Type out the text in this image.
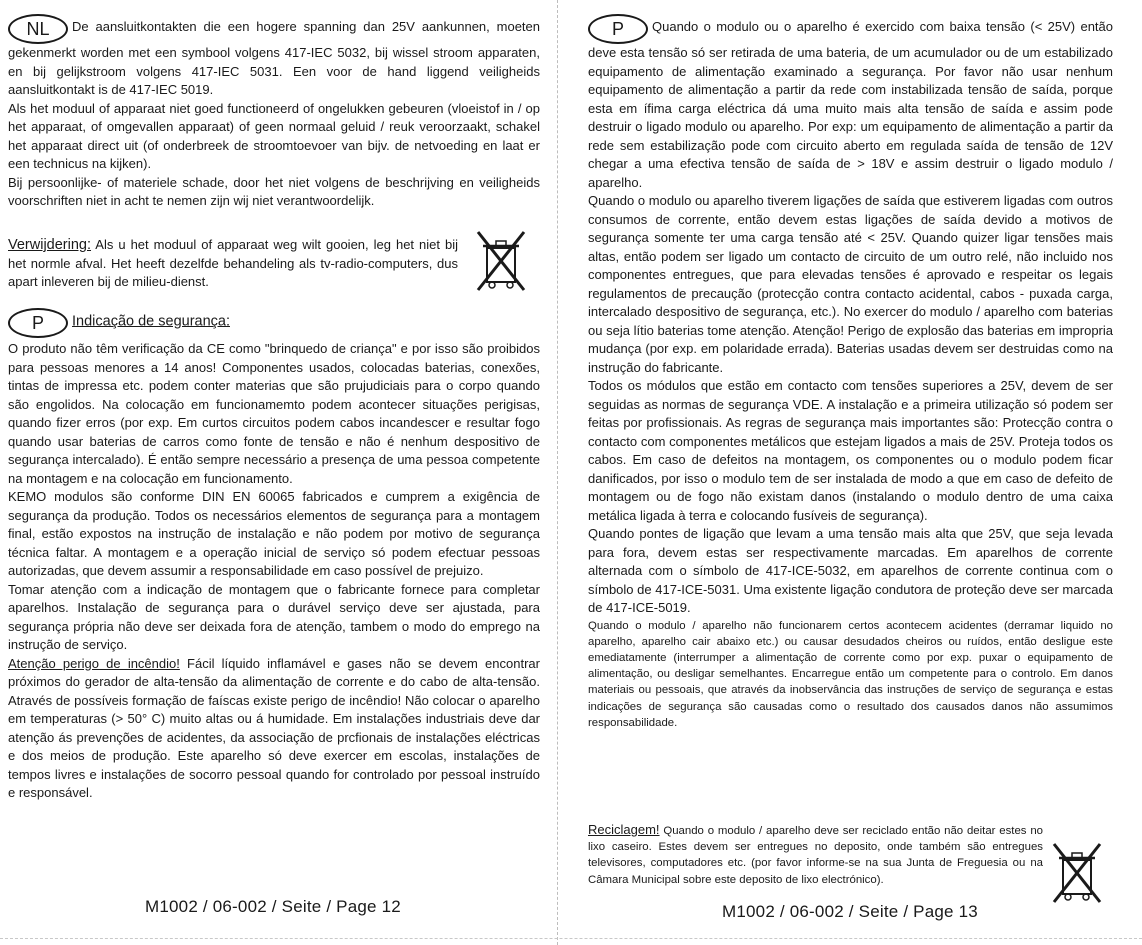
NL De aansluitkontakten die een hogere spanning dan 25V aankunnen, moeten gekenmerkt worden met een symbool volgens 417-IEC 5032, bij wissel stroom apparaten, en bij gelijkstroom volgens 417-IEC 5031. Een voor de hand liggend veiligheids aansluitkontakt is de 417-IEC 5019.

Als het moduul of apparaat niet goed functioneerd of ongelukken gebeuren (vloeistof in / op het apparaat, of omgevallen apparaat) of geen normaal geluid / reuk veroorzaakt, schakel het apparaat direct uit (of onderbreek de stroomtoevoer van bijv. de netvoeding en laat er een technicus na kijken).

Bij persoonlijke- of materiele schade, door het niet volgens de beschrijving en veiligheids voorschriften niet in acht te nemen zijn wij niet verantwoordelijk.

Verwijdering: Als u het moduul of apparaat weg wilt gooien, leg het niet bij het normle afval. Het heeft dezelfde behandeling als tv-radio-computers, dus apart inleveren bij de milieu-dienst.

P Indicação de segurança:

O produto não têm verificação da CE como "brinquedo de criança" e por isso são proibidos para pessoas menores a 14 anos! Componentes usados, colocadas baterias, conexões, tintas de impressa etc. podem conter materias que são prujudiciais para o corpo quando são engolidos. Na colocação em funcionamemto podem acontecer situações perigisas, quando fizer erros (por exp. Em curtos circuitos podem cabos incandescer e resultar fogo quando usar baterias de carros como fonte de tensão e não é nenhum despositivo de segurança intercalado). É então sempre necessário a presença de uma pessoa competente na montagem e na colocação em funcionamento.

KEMO modulos são conforme DIN EN 60065 fabricados e cumprem a exigência de segurança da produção. Todos os necessários elementos de segurança para a montagem final, estão expostos na instrução de instalação e não podem por motivo de segurança técnica faltar. A montagem e a operação inicial de serviço só podem efectuar pessoas autorizadas, que devem assumir a responsabilidade em caso possível de prejuizo.

Tomar atenção com a indicação de montagem que o fabricante fornece para completar aparelhos. Instalação de segurança para o durável serviço deve ser ajustada, para segurança própria não deve ser deixada fora de atenção, tambem o modo do emprego na instrução de serviço.

Atenção perigo de incêndio! Fácil líquido inflamável e gases não se devem encontrar próximos do gerador de alta-tensão da alimentação de corrente e do cabo de alta-tensão. Através de possíveis formação de faíscas existe perigo de incêndio! Não colocar o aparelho em temperaturas (> 50° C) muito altas ou á humidade. Em instalações industriais deve dar atenção ás prevenções de acidentes, da associação de prcfionais de instalações eléctricas e dos meios de produção. Este aparelho só deve exercer em escolas, instalações de tempos livres e instalações de socorro pessoal quando for controlado por pessoal instruído e responsável.

M1002 / 06-002 / Seite / Page 12

P Quando o modulo ou o aparelho é exercido com baixa tensão (< 25V) então deve esta tensão só ser retirada de uma bateria, de um acumulador ou de um estabilizado equipamento de alimentação examinado a segurança. Por favor não usar nenhum equipamento de alimentação a partir da rede com instabilizada tensão de saída, porque esta em ífima carga eléctrica dá uma muito mais alta tensão de saída e assim pode destruir o ligado modulo ou aparelho. Por exp: um equipamento de alimentação a partir da rede sem estabilização pode com circuito aberto em regulada saída de tensão de 12V chegar a uma efectiva tensão de saída de > 18V e assim destruir o ligado modulo / aparelho.

Quando o modulo ou aparelho tiverem ligações de saída que estiverem ligadas com outros consumos de corrente, então devem estas ligações de saída devido a motivos de segurança somente ter uma carga tensão até < 25V. Quando quizer ligar tensões mais altas, então podem ser ligado um contacto de circuito de um outro relé, não incluido nos componentes entregues, que para elevadas tensões é aprovado e respeitar os legais regulamentos de precaução (protecção contra contacto acidental, cabos - puxada carga, intercalado despositivo de segurança, etc.). No exercer do modulo / aparelho com baterias ou seja lítio baterias tome atenção. Atenção! Perigo de explosão das baterias em impropria mudança (por exp. em polaridade errada). Baterias usadas devem ser destruidas como na instrução do fabricante.

Todos os módulos que estão em contacto com tensões superiores a 25V, devem de ser seguidas as normas de segurança VDE. A instalação e a primeira utilização só podem ser feitas por profissionais. As regras de segurança mais importantes são: Protecção contra o contacto com componentes metálicos que estejam ligados a mais de 25V. Proteja todos os cabos. Em caso de defeitos na montagem, os componentes ou o modulo podem ficar danificados, por isso o modulo tem de ser instalada de modo a que em caso de defeito de montagem ou de fogo não existam danos (instalando o modulo dentro de uma caixa metálica ligada à terra e colocando fusíveis de segurança).

Quando pontes de ligação que levam a uma tensão mais alta que 25V, que seja levada para fora, devem estas ser respectivamente marcadas. Em aparelhos de corrente alternada com o símbolo de 417-ICE-5032, em aparelhos de corrente continua com o símbolo de 417-ICE-5031. Uma existente ligação condutora de proteção deve ser marcada de 417-ICE-5019.

Quando o modulo / aparelho não funcionarem certos acontecem acidentes (derramar liquido no aparelho, aparelho cair abaixo etc.) ou causar desudados cheiros ou ruídos, então desligue este emediatamente (interrumper a alimentação de corrente como por exp. puxar o equipamento de alimentação, ou desligar semelhantes. Encarregue então um competente para o controlo. Em danos materiais ou pessoais, que através da inobservância das instruções de serviço de segurança e estas indicações de segurança são causadas como o resultado dos causados danos não assumimos responsabilidade.

Reciclagem! Quando o modulo / aparelho deve ser reciclado então não deitar estes no lixo caseiro. Estes devem ser entregues no deposito, onde também são entregues televisores, computadores etc. (por favor informe-se na sua Junta de Freguesia ou na Câmara Municipal sobre este deposito de lixo electrónico).

M1002 / 06-002 / Seite / Page 13
